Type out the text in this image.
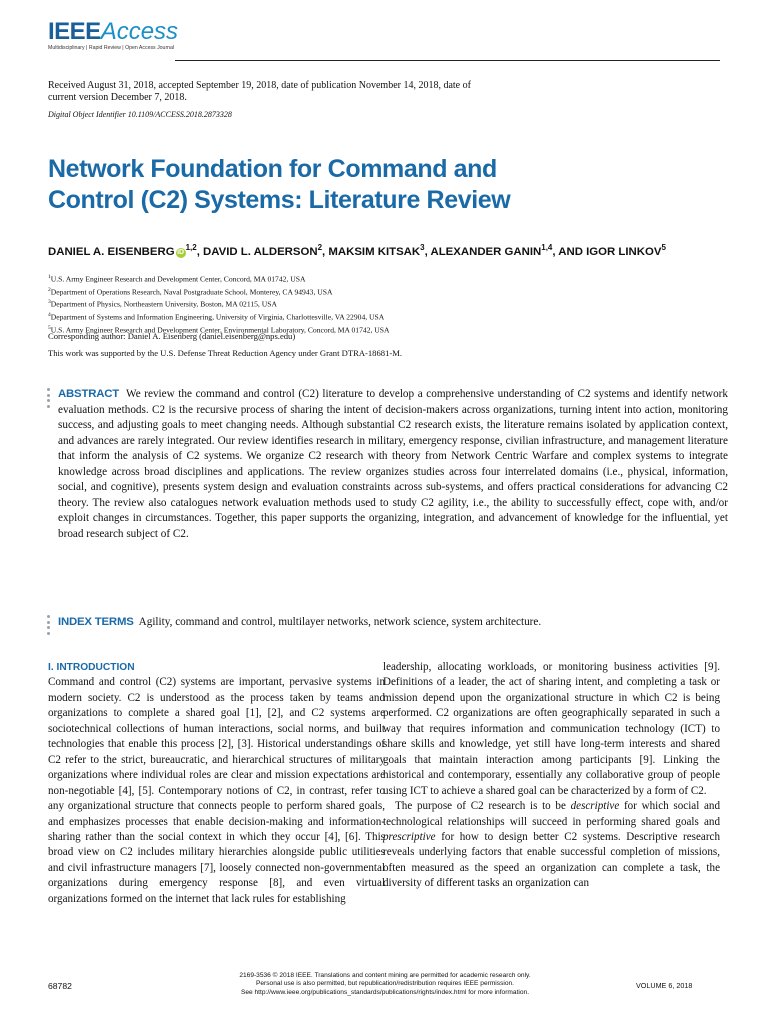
IEEEAccess
Multidisciplinary | Rapid Review | Open Access Journal
Received August 31, 2018, accepted September 19, 2018, date of publication November 14, 2018, date of current version December 7, 2018.
Digital Object Identifier 10.1109/ACCESS.2018.2873328
Network Foundation for Command and
Control (C2) Systems: Literature Review
DANIEL A. EISENBERG iD$^{1,2}$, DAVID L. ALDERSON$^2$, MAKSIM KITSAK$^3$, ALEXANDER GANIN$^{1,4}$, AND IGOR LINKOV$^5$
$^1$U.S. Army Engineer Research and Development Center, Concord, MA 01742, USA
$^2$Department of Operations Research, Naval Postgraduate School, Monterey, CA 94943, USA
$^3$Department of Physics, Northeastern University, Boston, MA 02115, USA
$^4$Department of Systems and Information Engineering, University of Virginia, Charlottesville, VA 22904, USA
$^5$U.S. Army Engineer Research and Development Center, Environmental Laboratory, Concord, MA 01742, USA
Corresponding author: Daniel A. Eisenberg (daniel.eisenberg@nps.edu)
This work was supported by the U.S. Defense Threat Reduction Agency under Grant DTRA-18681-M.
ABSTRACT We review the command and control (C2) literature to develop a comprehensive understanding of C2 systems and identify network evaluation methods. C2 is the recursive process of sharing the intent of decision-makers across organizations, turning intent into action, monitoring success, and adjusting goals to meet changing needs. Although substantial C2 research exists, the literature remains isolated by application context, and advances are rarely integrated. Our review identifies research in military, emergency response, civilian infrastructure, and management literature that inform the analysis of C2 systems. We organize C2 research with theory from Network Centric Warfare and complex systems to integrate knowledge across broad disciplines and applications. The review organizes studies across four interrelated domains (i.e., physical, information, social, and cognitive), presents system design and evaluation constraints across sub-systems, and offers practical considerations for advancing C2 theory. The review also catalogues network evaluation methods used to study C2 agility, i.e., the ability to successfully effect, cope with, and/or exploit changes in circumstances. Together, this paper supports the organizing, integration, and advancement of knowledge for the influential, yet broad research subject of C2.
INDEX TERMS Agility, command and control, multilayer networks, network science, system architecture.
I. INTRODUCTION
Command and control (C2) systems are important, pervasive systems in modern society. C2 is understood as the process taken by teams and organizations to complete a shared goal [1], [2], and C2 systems are sociotechnical collections of human interactions, social norms, and built technologies that enable this process [2], [3]. Historical understandings of C2 refer to the strict, bureaucratic, and hierarchical structures of military organizations where individual roles are clear and mission expectations are non-negotiable [4], [5]. Contemporary notions of C2, in contrast, refer to any organizational structure that connects people to perform shared goals, and emphasizes processes that enable decision-making and information-sharing rather than the social context in which they occur [4], [6]. This broad view on C2 includes military hierarchies alongside public utilities and civil infrastructure managers [7], loosely connected non-governmental organizations during emergency response [8], and even virtual organizations formed on the internet that lack rules for establishing
leadership, allocating workloads, or monitoring business activities [9]. Definitions of a leader, the act of sharing intent, and completing a task or mission depend upon the organizational structure in which C2 is being performed. C2 organizations are often geographically separated in such a way that requires information and communication technology (ICT) to share skills and knowledge, yet still have long-term interests and shared goals that maintain interaction among participants [9]. Linking the historical and contemporary, essentially any collaborative group of people using ICT to achieve a shared goal can be characterized by a form of C2.
The purpose of C2 research is to be descriptive for which social and technological relationships will succeed in performing shared goals and prescriptive for how to design better C2 systems. Descriptive research reveals underlying factors that enable successful completion of missions, often measured as the speed an organization can complete a task, the diversity of different tasks an organization can
68782
2169-3536 © 2018 IEEE. Translations and content mining are permitted for academic research only.
Personal use is also permitted, but republication/redistribution requires IEEE permission.
See http://www.ieee.org/publications_standards/publications/rights/index.html for more information.
VOLUME 6, 2018
